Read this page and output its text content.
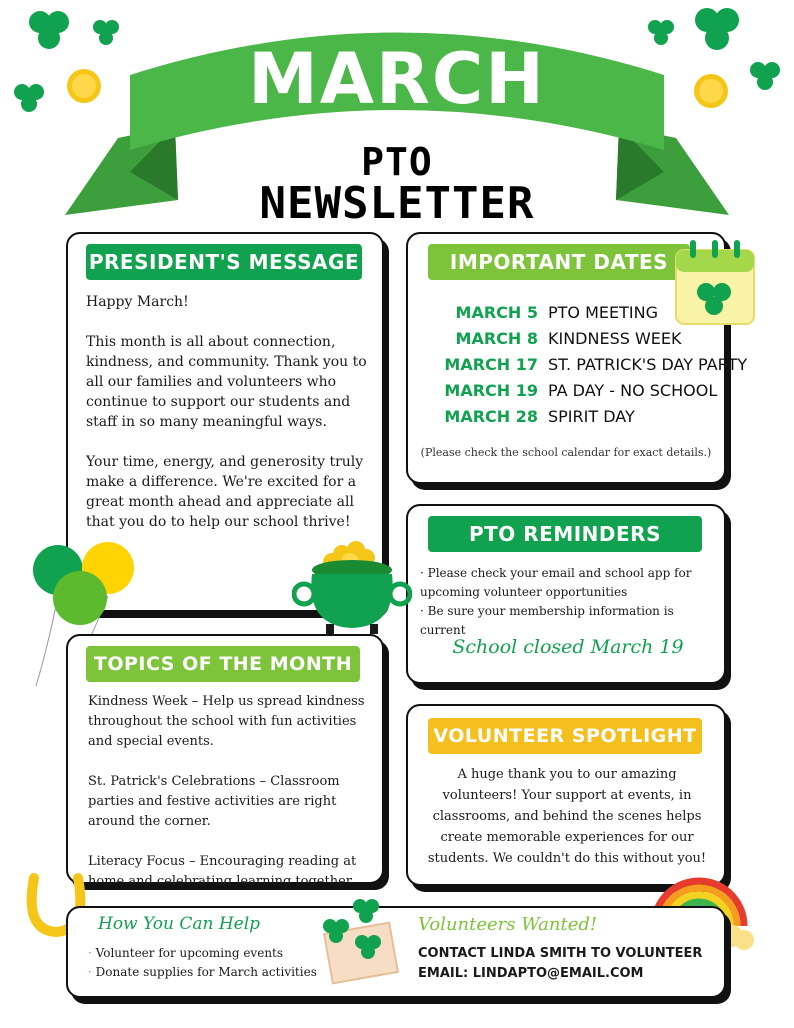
MARCH
PTO
NEWSLETTER
PRESIDENT'S MESSAGE

Happy March!

This month is all about connection, kindness, and community. Thank you to all our families and volunteers who continue to support our students and staff in so many meaningful ways.

Your time, energy, and generosity truly make a difference. We're excited for a great month ahead and appreciate all that you do to help our school thrive!

IMPORTANT DATES
MARCH 5 PTO MEETING
MARCH 8 KINDNESS WEEK
MARCH 17 ST. PATRICK'S DAY PARTY
MARCH 19 PA DAY - NO SCHOOL
MARCH 28 SPIRIT DAY
(Please check the school calendar for exact details.)
PTO REMINDERS
· Please check your email and school app for upcoming volunteer opportunities
· Be sure your membership information is current
School closed March 19
TOPICS OF THE MONTH

Kindness Week – Help us spread kindness throughout the school with fun activities and special events.

St. Patrick's Celebrations – Classroom parties and festive activities are right around the corner.

Literacy Focus – Encouraging reading at home and celebrating learning together.

VOLUNTEER SPOTLIGHT
A huge thank you to our amazing volunteers! Your support at events, in classrooms, and behind the scenes helps create memorable experiences for our students. We couldn't do this without you!
How You Can Help
· Volunteer for upcoming events
· Donate supplies for March activities
Volunteers Wanted!
CONTACT LINDA SMITH TO VOLUNTEER
EMAIL: LINDAPTO@EMAIL.COM
